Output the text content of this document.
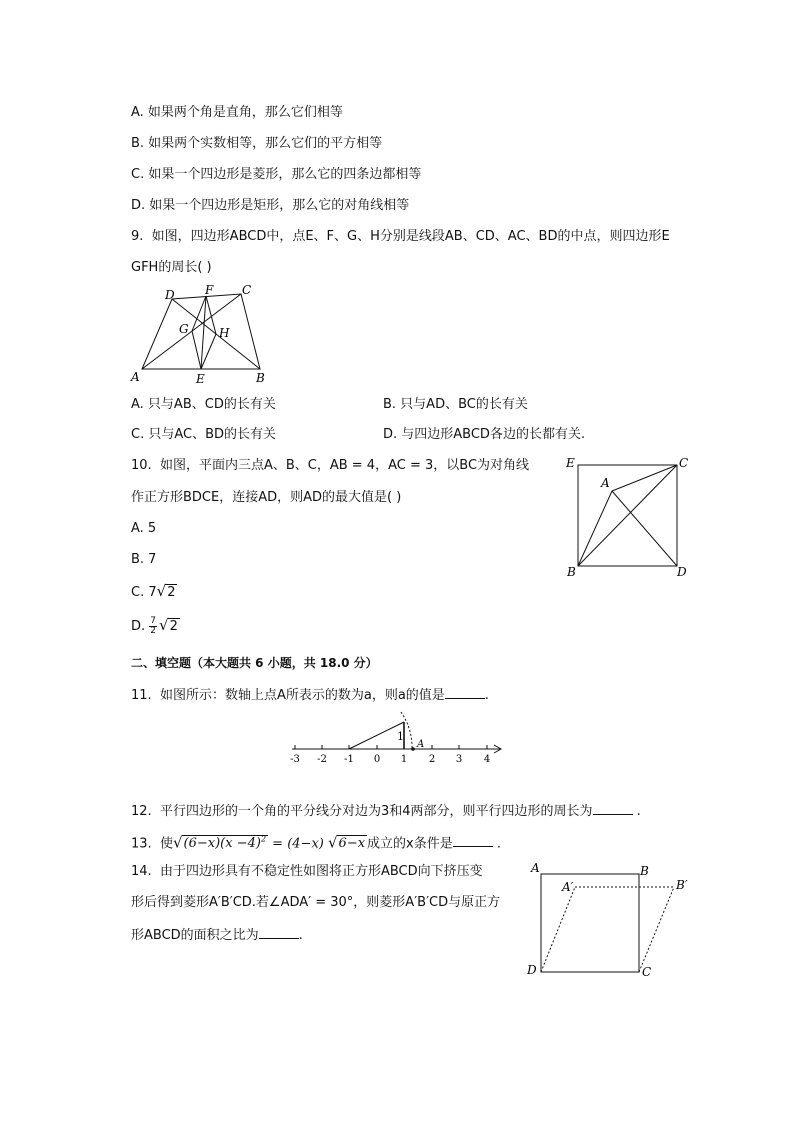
A. 如果两个角是直角，那么它们相等
B. 如果两个实数相等，那么它们的平方相等
C. 如果一个四边形是菱形，那么它的四条边都相等
D. 如果一个四边形是矩形，那么它的对角线相等
9. 如图，四边形ABCD中，点E、F、G、H分别是线段AB、CD、AC、BD的中点，则四边形E
GFH的周长( )
D	F C
G	H
A	E	B
A. 只与AB、CD的长有关	B. 只与AD、BC的长有关
C. 只与AC、BD的长有关	D. 与四边形ABCD各边的长都有关.
10. 如图，平面内三点A、B、C，AB = 4，AC = 3，以BC为对角线
作正方形BDCE，连接AD，则AD的最大值是( )
A. 5
B. 7
C. 7√2
D. $\frac{7}{2} √2$
E	C
A
B	D
二、填空题（本大题共 6 小题，共 18.0 分）
11. 如图所示：数轴上点A所表示的数为a，则a的值是	.
1
A
-3 -2 -1 0 1 2 3 4
12. 平行四边形的一个角的平分线分对边为3和4两部分，则平行四边形的周长为	.
13. 使$√(6-x)(x -4)^2 = (4-x)$ √6−x 成立的x条件是	.
14. 由于四边形具有不稳定性如图将正方形ABCD向下挤压变
形后得到菱形A′B′CD.若∠ADA′ = 30°，则菱形A′B′CD与原正方
形ABCD的面积之比为	.
A	B
A′	B′
D	C
